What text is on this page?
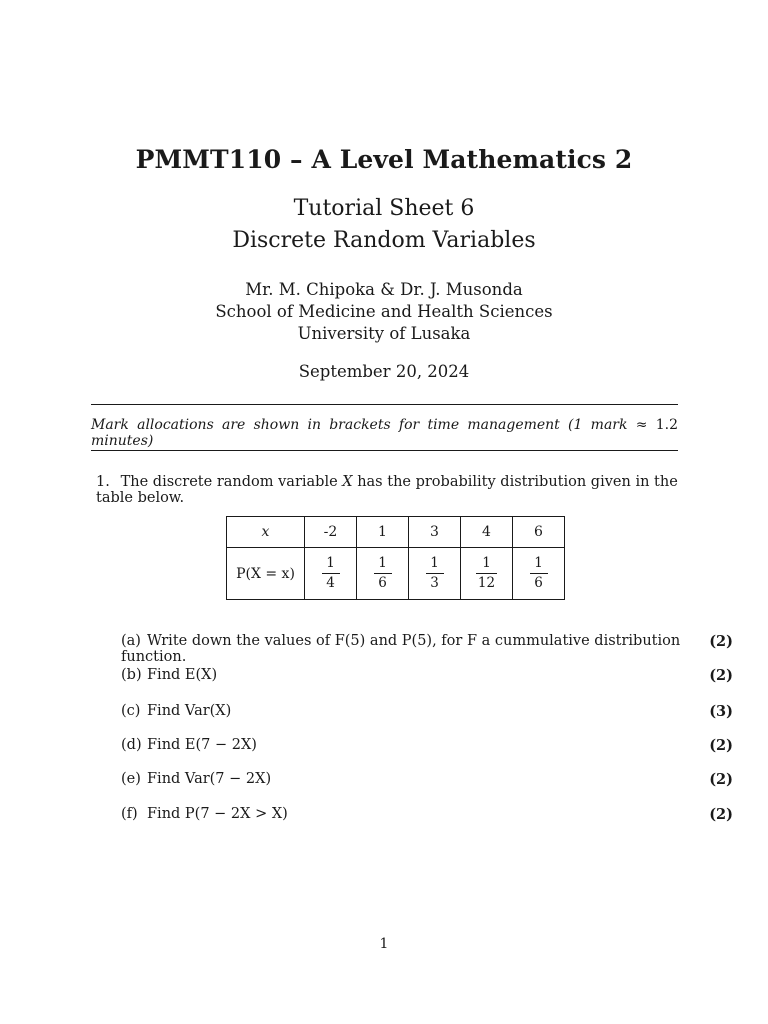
PMMT110 – A Level Mathematics 2
Tutorial Sheet 6
Discrete Random Variables
Mr. M. Chipoka & Dr. J. Musonda
School of Medicine and Health Sciences
University of Lusaka
September 20, 2024
Mark allocations are shown in brackets for time management (1 mark ≈ 1.2 minutes)
1. The discrete random variable X has the probability distribution given in the table below.
x	-2	1	3	4	6
P(X = x)	$\frac{1}{4}$	$\frac{1}{6}$	$\frac{1}{3}$	$\frac{1}{12}$	$\frac{1}{6}$
(a) Write down the values of F(5) and P(5), for F a cummulative distribution function.
(2)
(b) Find E(X)	(2)
(c) Find Var(X)	(3)
(d) Find E(7 − 2X)	(2)
(e) Find Var(7 − 2X)	(2)
(f) Find P(7 − 2X > X)	(2)
1
